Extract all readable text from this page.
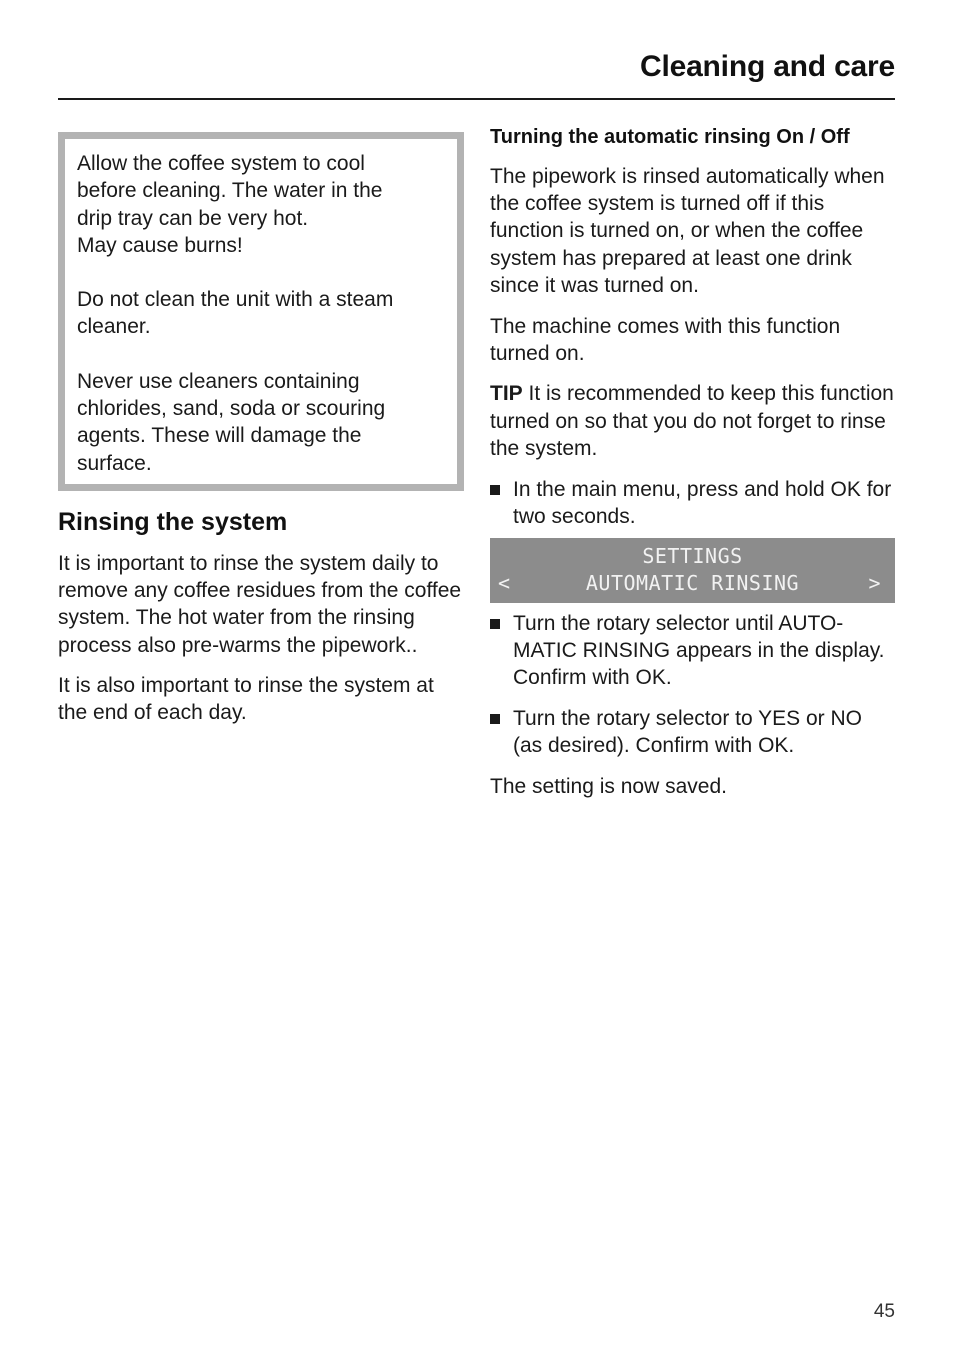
Cleaning and care

Allow the coffee system to cool
before cleaning. The water in the
drip tray can be very hot.
May cause burns!

Do not clean the unit with a steam
cleaner.

Never use cleaners containing
chlorides, sand, soda or scouring
agents. These will damage the
surface.

Rinsing the system

It is important to rinse the system daily to remove any coffee residues from the coffee system. The hot water from the rinsing process also pre-warms the pipework..

It is also important to rinse the system at the end of each day.

Turning the automatic rinsing On / Off

The pipework is rinsed automatically when the coffee system is turned off if this function is turned on, or when the coffee system has prepared at least one drink since it was turned on.

The machine comes with this function turned on.

TIP It is recommended to keep this function turned on so that you do not forget to rinse the system.

In the main menu, press and hold OK for two seconds.
SETTINGS
<	AUTOMATIC RINSING	>
Turn the rotary selector until AUTO-MATIC RINSING appears in the display. Confirm with OK.
Turn the rotary selector to YES or NO (as desired). Confirm with OK.

The setting is now saved.

45
